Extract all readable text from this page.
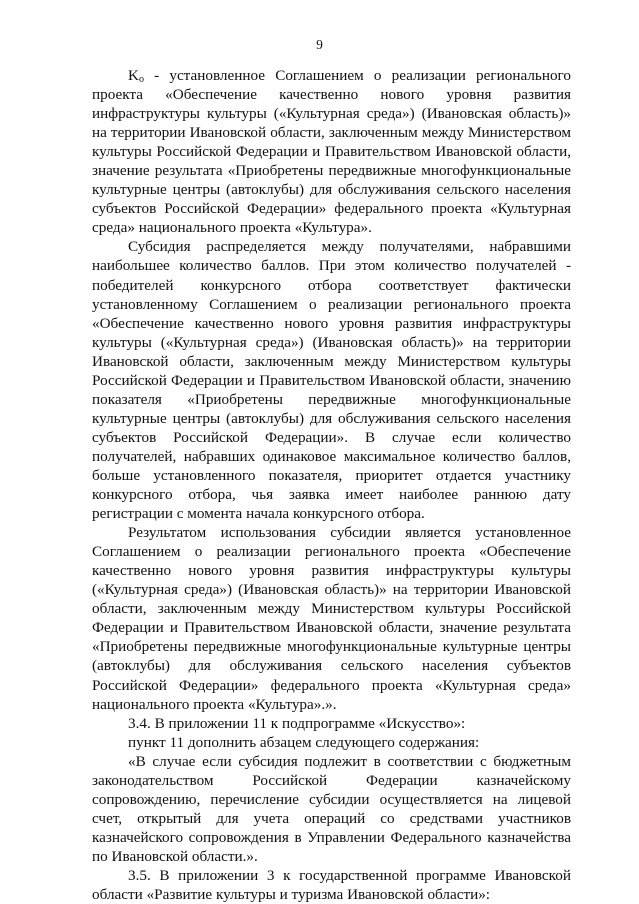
9

$K_o$ - установленное Соглашением о реализации регионального проекта «Обеспечение качественно нового уровня развития инфраструктуры культуры («Культурная среда») (Ивановская область)» на территории Ивановской области, заключенным между Министерством культуры Российской Федерации и Правительством Ивановской области, значение результата «Приобретены передвижные многофункциональные культурные центры (автоклубы) для обслуживания сельского населения субъектов Российской Федерации» федерального проекта «Культурная среда» национального проекта «Культура».

Субсидия распределяется между получателями, набравшими наибольшее количество баллов. При этом количество получателей - победителей конкурсного отбора соответствует фактически установленному Соглашением о реализации регионального проекта «Обеспечение качественно нового уровня развития инфраструктуры культуры («Культурная среда») (Ивановская область)» на территории Ивановской области, заключенным между Министерством культуры Российской Федерации и Правительством Ивановской области, значению показателя «Приобретены передвижные многофункциональные культурные центры (автоклубы) для обслуживания сельского населения субъектов Российской Федерации». В случае если количество получателей, набравших одинаковое максимальное количество баллов, больше установленного показателя, приоритет отдается участнику конкурсного отбора, чья заявка имеет наиболее раннюю дату регистрации с момента начала конкурсного отбора.

Результатом использования субсидии является установленное Соглашением о реализации регионального проекта «Обеспечение качественно нового уровня развития инфраструктуры культуры («Культурная среда») (Ивановская область)» на территории Ивановской области, заключенным между Министерством культуры Российской Федерации и Правительством Ивановской области, значение результата «Приобретены передвижные многофункциональные культурные центры (автоклубы) для обслуживания сельского населения субъектов Российской Федерации» федерального проекта «Культурная среда» национального проекта «Культура».».

3.4. В приложении 11 к подпрограмме «Искусство»:

пункт 11 дополнить абзацем следующего содержания:

«В случае если субсидия подлежит в соответствии с бюджетным законодательством Российской Федерации казначейскому сопровождению, перечисление субсидии осуществляется на лицевой счет, открытый для учета операций со средствами участников казначейского сопровождения в Управлении Федерального казначейства по Ивановской области.».

3.5. В приложении 3 к государственной программе Ивановской области «Развитие культуры и туризма Ивановской области»:
